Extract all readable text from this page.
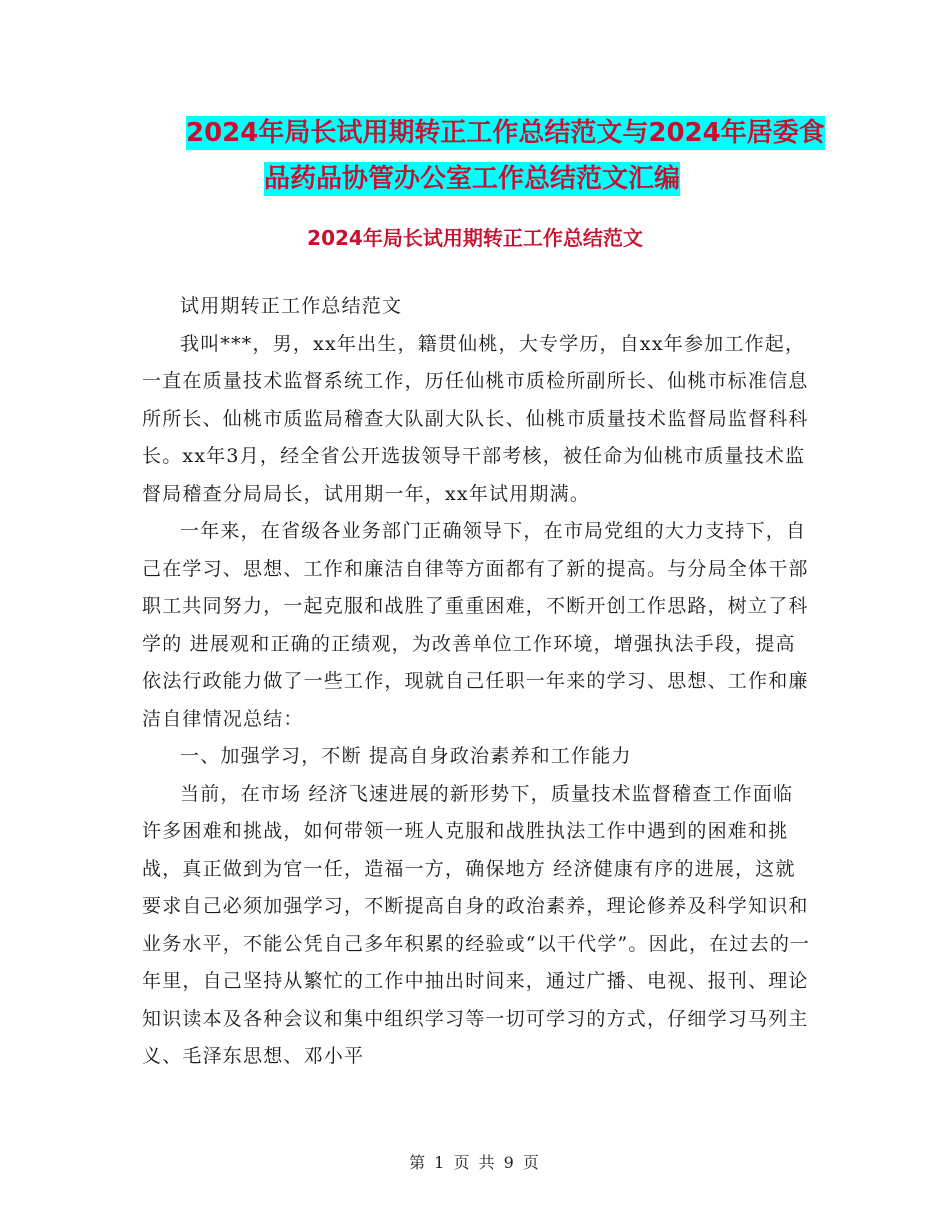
2024年局长试用期转正工作总结范文与2024年居委食
品药品协管办公室工作总结范文汇编
2024年局长试用期转正工作总结范文

试用期转正工作总结范文

我叫***，男，xx年出生，籍贯仙桃，大专学历，自xx年参加工作起，一直在质量技术监督系统工作，历任仙桃市质检所副所长、仙桃市标准信息所所长、仙桃市质监局稽查大队副大队长、仙桃市质量技术监督局监督科科长。xx年3月，经全省公开选拔领导干部考核，被任命为仙桃市质量技术监督局稽查分局局长，试用期一年，xx年试用期满。

一年来，在省级各业务部门正确领导下，在市局党组的大力支持下，自己在学习、思想、工作和廉洁自律等方面都有了新的提高。与分局全体干部职工共同努力，一起克服和战胜了重重困难，不断开创工作思路，树立了科学的 进展观和正确的正绩观，为改善单位工作环境，增强执法手段，提高依法行政能力做了一些工作，现就自己任职一年来的学习、思想、工作和廉洁自律情况总结：

一、加强学习，不断 提高自身政治素养和工作能力

当前，在市场 经济飞速进展的新形势下，质量技术监督稽查工作面临许多困难和挑战，如何带领一班人克服和战胜执法工作中遇到的困难和挑战，真正做到为官一任，造福一方，确保地方 经济健康有序的进展，这就要求自己必须加强学习，不断提高自身的政治素养，理论修养及科学知识和业务水平，不能公凭自己多年积累的经验或“以干代学”。因此，在过去的一年里，自己坚持从繁忙的工作中抽出时间来，通过广播、电视、报刊、理论知识读本及各种会议和集中组织学习等一切可学习的方式，仔细学习马列主义、毛泽东思想、邓小平

第 1 页 共 9 页
